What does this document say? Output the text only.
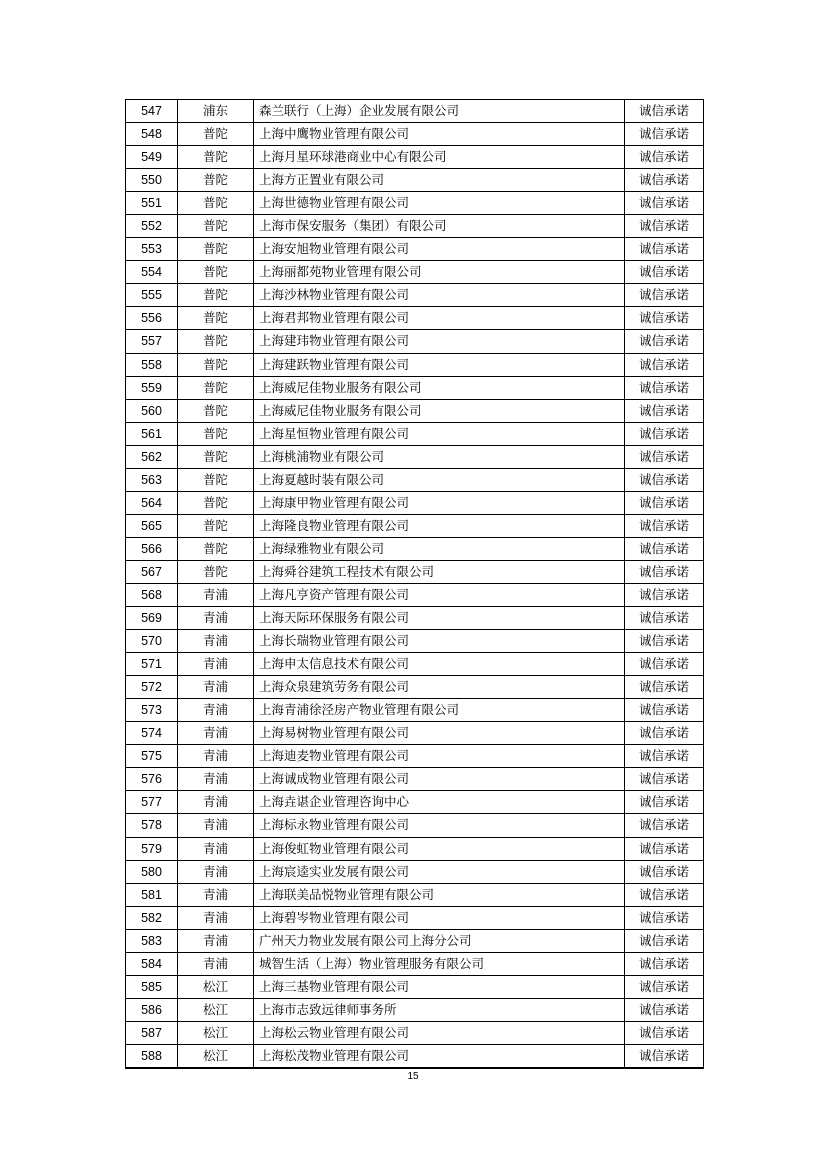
547	浦东	森兰联行（上海）企业发展有限公司	诚信承诺
548	普陀	上海中鹰物业管理有限公司	诚信承诺
549	普陀	上海月星环球港商业中心有限公司	诚信承诺
550	普陀	上海方正置业有限公司	诚信承诺
551	普陀	上海世德物业管理有限公司	诚信承诺
552	普陀	上海市保安服务（集团）有限公司	诚信承诺
553	普陀	上海安旭物业管理有限公司	诚信承诺
554	普陀	上海丽都苑物业管理有限公司	诚信承诺
555	普陀	上海沙林物业管理有限公司	诚信承诺
556	普陀	上海君邦物业管理有限公司	诚信承诺
557	普陀	上海建玮物业管理有限公司	诚信承诺
558	普陀	上海建跃物业管理有限公司	诚信承诺
559	普陀	上海威尼佳物业服务有限公司	诚信承诺
560	普陀	上海威尼佳物业服务有限公司	诚信承诺
561	普陀	上海星恒物业管理有限公司	诚信承诺
562	普陀	上海桃浦物业有限公司	诚信承诺
563	普陀	上海夏越时装有限公司	诚信承诺
564	普陀	上海康甲物业管理有限公司	诚信承诺
565	普陀	上海隆良物业管理有限公司	诚信承诺
566	普陀	上海绿雅物业有限公司	诚信承诺
567	普陀	上海舜谷建筑工程技术有限公司	诚信承诺
568	青浦	上海凡亨资产管理有限公司	诚信承诺
569	青浦	上海天际环保服务有限公司	诚信承诺
570	青浦	上海长瑞物业管理有限公司	诚信承诺
571	青浦	上海申太信息技术有限公司	诚信承诺
572	青浦	上海众泉建筑劳务有限公司	诚信承诺
573	青浦	上海青浦徐泾房产物业管理有限公司	诚信承诺
574	青浦	上海易树物业管理有限公司	诚信承诺
575	青浦	上海迪麦物业管理有限公司	诚信承诺
576	青浦	上海诚成物业管理有限公司	诚信承诺
577	青浦	上海垚谌企业管理咨询中心	诚信承诺
578	青浦	上海标永物业管理有限公司	诚信承诺
579	青浦	上海俊虹物业管理有限公司	诚信承诺
580	青浦	上海宸逵实业发展有限公司	诚信承诺
581	青浦	上海联美品悦物业管理有限公司	诚信承诺
582	青浦	上海碧岑物业管理有限公司	诚信承诺
583	青浦	广州天力物业发展有限公司上海分公司	诚信承诺
584	青浦	城智生活（上海）物业管理服务有限公司	诚信承诺
585	松江	上海三基物业管理有限公司	诚信承诺
586	松江	上海市志致远律师事务所	诚信承诺
587	松江	上海松云物业管理有限公司	诚信承诺
588	松江	上海松茂物业管理有限公司	诚信承诺
15
